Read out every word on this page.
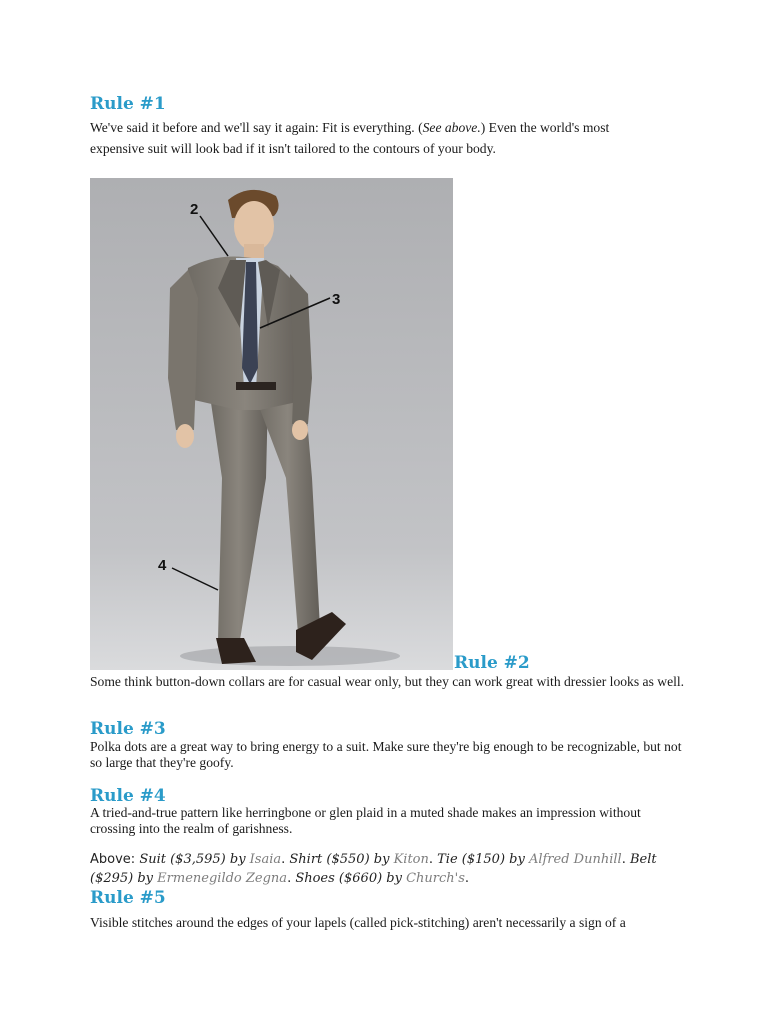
Rule #1

We've said it before and we'll say it again: Fit is everything. (See above.) Even the world's most expensive suit will look bad if it isn't tailored to the contours of your body.

2
3
4
Rule #2

Some think button-down collars are for casual wear only, but they can work great with dressier looks as well.

Rule #3

Polka dots are a great way to bring energy to a suit. Make sure they're big enough to be recognizable, but not so large that they're goofy.

Rule #4

A tried-and-true pattern like herringbone or glen plaid in a muted shade makes an impression without crossing into the realm of garishness.

Above: Suit ($3,595) by Isaia. Shirt ($550) by Kiton. Tie ($150) by Alfred Dunhill. Belt ($295) by Ermenegildo Zegna. Shoes ($660) by Church's.

Rule #5

Visible stitches around the edges of your lapels (called pick-stitching) aren't necessarily a sign of a
